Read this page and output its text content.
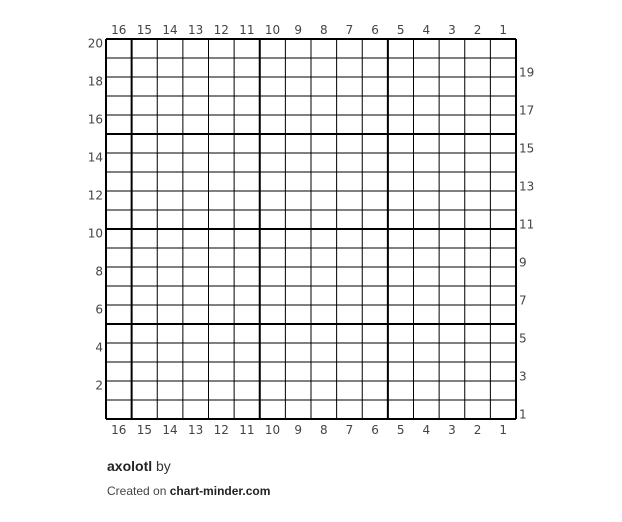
16
16
15
15
14
14
13
13
12
12
11
11
10
10
9
9
8
8
7
7
6
6
5
5
4
4
3
3
2
2
1
1
20
18
16
14
12
10
8
6
4
2
19
17
15
13
11
9
7
5
3
1
axolotl by
Created on chart-minder.com
